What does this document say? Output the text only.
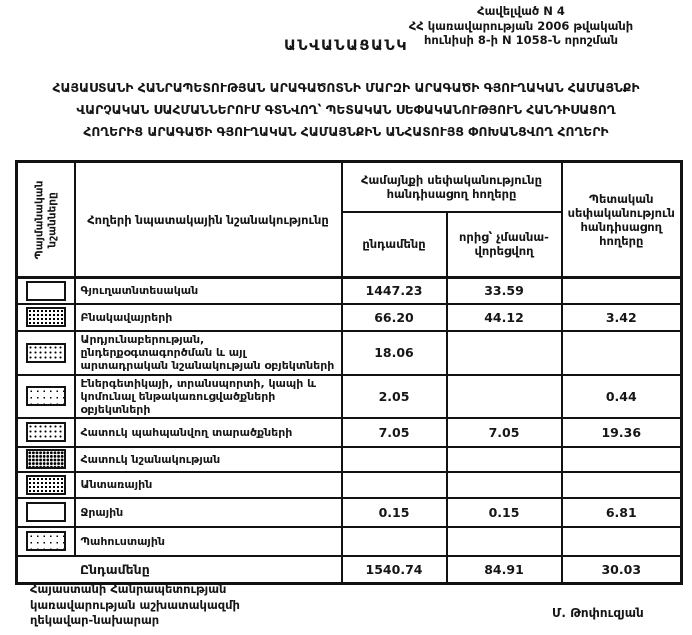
Հավելված N 4
ՀՀ կառավարության 2006 թվականի
հունիսի 8-ի N 1058-Ն որոշման
ԱՆՎԱՆԱՑԱՆԿ
ՀԱՅԱՍՏԱՆԻ ՀԱՆՐԱՊԵՏՈՒԹՅԱՆ ԱՐԱԳԱԾՈՏՆԻ ՄԱՐԶԻ ԱՐԱԳԱԾԻ ԳՅՈՒՂԱԿԱՆ ՀԱՄԱՅՆՔԻ
ՎԱՐՉԱԿԱՆ ՍԱՀՄԱՆՆԵՐՈՒՄ ԳՏՆՎՈՂ՝ ՊԵՏԱԿԱՆ ՍԵՓԱԿԱՆՈՒԹՅՈՒՆ ՀԱՆԴԻՍԱՑՈՂ
ՀՈՂԵՐԻՑ ԱՐԱԳԱԾԻ ԳՅՈՒՂԱԿԱՆ ՀԱՄԱՅՆՔԻՆ ԱՆՀԱՏՈՒՅՑ ՓՈԽԱՆՑՎՈՂ ՀՈՂԵՐԻ
Պայմանական նշանները	Հողերի նպատակային նշանակությունը	Համայնքի սեփականությունը հանդիսացող հողերը		Պետական սեփականություն հանդիսացող հողերը
		ընդամենը	որից՝ չմասնա-վորեցվող	

	Գյուղատնտեսական	1447.23	33.59	

	Բնակավայրերի	66.20	44.12	3.42

	Արդյունաբերության, ընդերքօգտագործման և այլ արտադրական նշանակության օբյեկտների	18.06		

	Էներգետիկայի, տրանսպորտի, կապի և կոմունալ ենթակառուցվածքների օբյեկտների	2.05		0.44

	Հատուկ պահպանվող տարածքների	7.05	7.05	19.36

	Հատուկ նշանակության			

	Անտառային			

	Ջրային	0.15	0.15	6.81

	Պահուստային			
Ընդամենը		1540.74	84.91	30.03
Հայաստանի Հանրապետության
կառավարության աշխատակազմի
ղեկավար-նախարար	Մ. Թոփուզյան
